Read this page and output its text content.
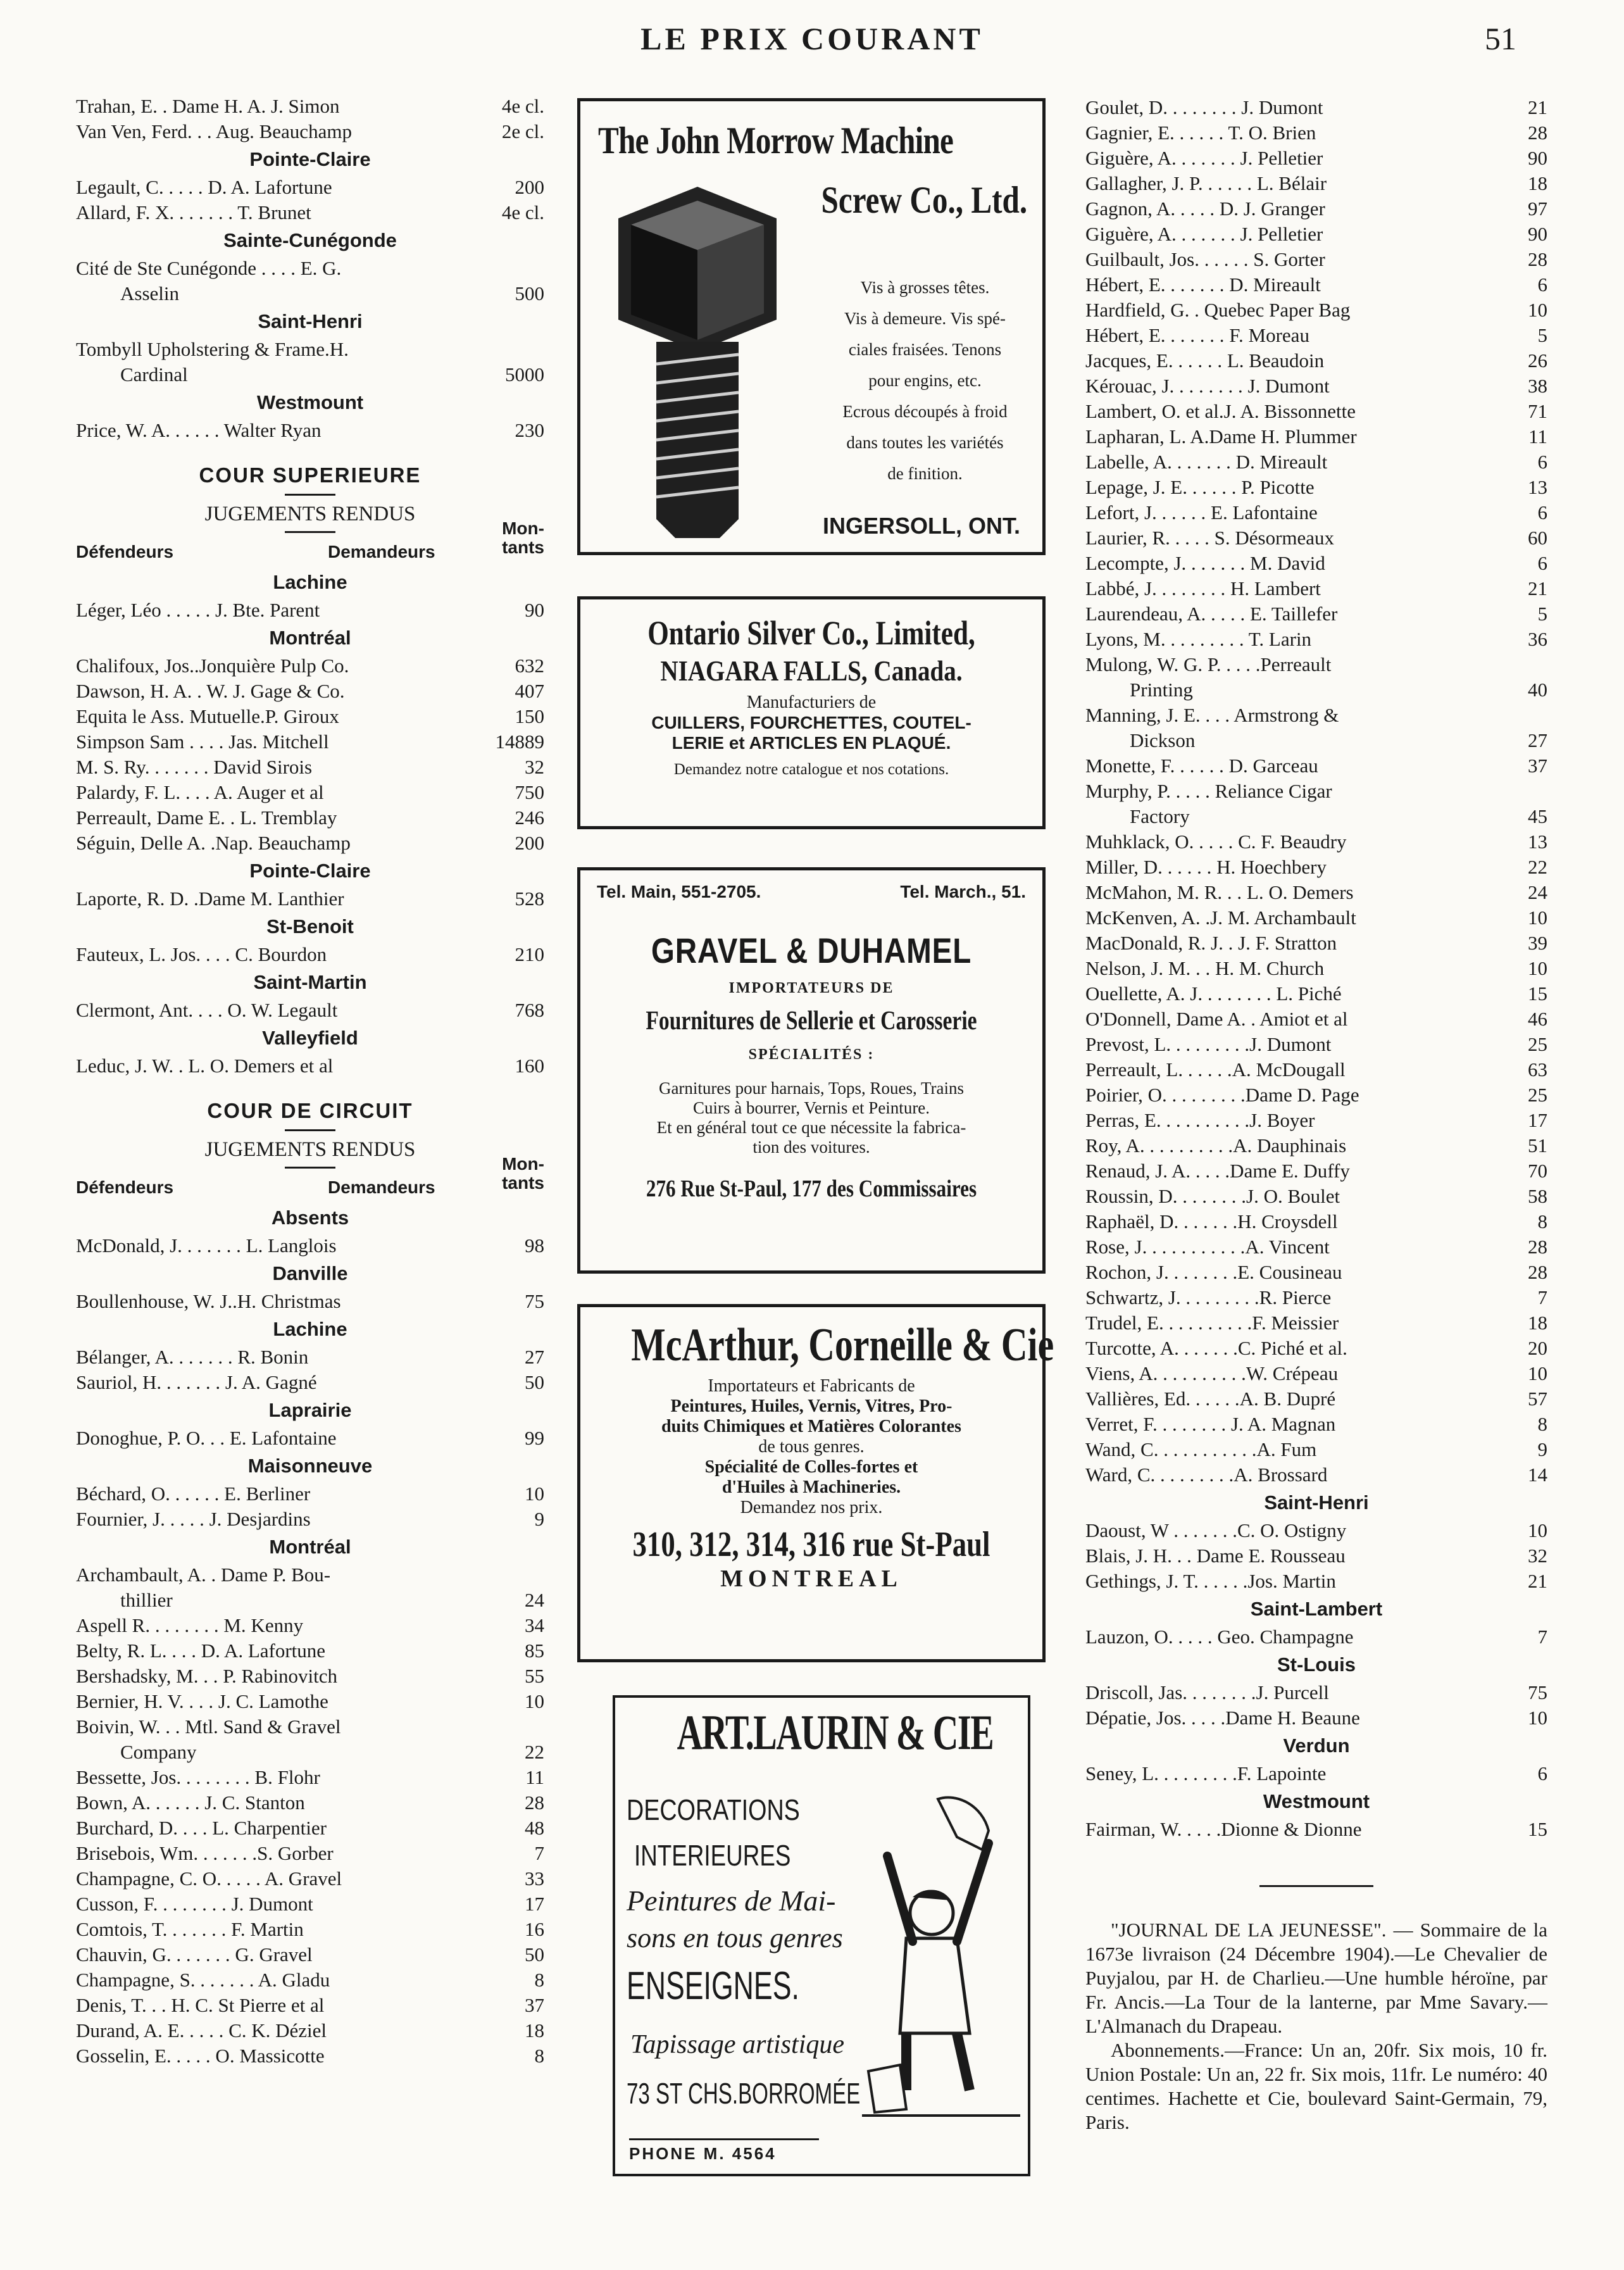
LE PRIX COURANT	51
Trahan, E. . Dame H. A. J. Simon	4e cl.
Van Ven, Ferd. . . Aug. Beauchamp	2e cl.
Pointe-Claire
Legault, C. . . . . D. A. Lafortune	200
Allard, F. X. . . . . . . T. Brunet	4e cl.
Sainte-Cunégonde
Cité de Ste Cunégonde . . . . E. G.
Asselin	500
Saint-Henri
Tombyll Upholstering & Frame.H.
Cardinal	5000
Westmount
Price, W. A. . . . . . Walter Ryan	230
COUR SUPERIEURE
JUGEMENTS RENDUS
Défendeurs	Demandeurs
Mon-
tants
Lachine
Léger, Léo . . . . . J. Bte. Parent	90
Montréal
Chalifoux, Jos..Jonquière Pulp Co.	632
Dawson, H. A. . W. J. Gage & Co.	407
Equita le Ass. Mutuelle.P. Giroux	150
Simpson Sam . . . . Jas. Mitchell	14889
M. S. Ry. . . . . . . David Sirois	32
Palardy, F. L. . . . A. Auger et al	750
Perreault, Dame E. . L. Tremblay	246
Séguin, Delle A. .Nap. Beauchamp	200
Pointe-Claire
Laporte, R. D. .Dame M. Lanthier	528
St-Benoit
Fauteux, L. Jos. . . . C. Bourdon	210
Saint-Martin
Clermont, Ant. . . . O. W. Legault	768
Valleyfield
Leduc, J. W. . L. O. Demers et al	160
COUR DE CIRCUIT
JUGEMENTS RENDUS
Défendeurs	Demandeurs
Mon-
tants
Absents
McDonald, J. . . . . . . L. Langlois	98
Danville
Boullenhouse, W. J..H. Christmas	75
Lachine
Bélanger, A. . . . . . . R. Bonin	27
Sauriol, H. . . . . . . J. A. Gagné	50
Laprairie
Donoghue, P. O. . . E. Lafontaine	99
Maisonneuve
Béchard, O. . . . . . E. Berliner	10
Fournier, J. . . . . J. Desjardins	9
Montréal
Archambault, A. . Dame P. Bou-
thillier	24
Aspell R. . . . . . . . M. Kenny	34
Belty, R. L. . . . D. A. Lafortune	85
Bershadsky, M. . . P. Rabinovitch	55
Bernier, H. V. . . . J. C. Lamothe	10
Boivin, W. . . Mtl. Sand & Gravel
Company	22
Bessette, Jos. . . . . . . . B. Flohr	11
Bown, A. . . . . . J. C. Stanton	28
Burchard, D. . . . L. Charpentier	48
Brisebois, Wm. . . . . . .S. Gorber	7
Champagne, C. O. . . . . A. Gravel	33
Cusson, F. . . . . . . . J. Dumont	17
Comtois, T. . . . . . . F. Martin	16
Chauvin, G. . . . . . . G. Gravel	50
Champagne, S. . . . . . . A. Gladu	8
Denis, T. . . H. C. St Pierre et al	37
Durand, A. E. . . . . C. K. Déziel	18
Gosselin, E. . . . . O. Massicotte	8
The John Morrow Machine
Screw Co., Ltd.
Vis à grosses têtes.
Vis à demeure. Vis spé-
ciales fraisées. Tenons
pour engins, etc.
Ecrous découpés à froid
dans toutes les variétés
de finition.
INGERSOLL, ONT.
Ontario Silver Co., Limited,
NIAGARA FALLS, Canada.
Manufacturiers de
CUILLERS, FOURCHETTES, COUTEL-
LERIE et ARTICLES EN PLAQUÉ.
Demandez notre catalogue et nos cotations.
Tel. Main, 551-2705.	Tel. March., 51.
GRAVEL & DUHAMEL
IMPORTATEURS DE
Fournitures de Sellerie et Carosserie
SPÉCIALITÉS :
Garnitures pour harnais, Tops, Roues, Trains
Cuirs à bourrer, Vernis et Peinture.
Et en général tout ce que nécessite la fabrica-
tion des voitures.
276 Rue St-Paul, 177 des Commissaires
McArthur, Corneille & Cie
Importateurs et Fabricants de
Peintures, Huiles, Vernis, Vitres, Pro-
duits Chimiques et Matières Colorantes
de tous genres.
Spécialité de Colles-fortes et
d'Huiles à Machineries.
Demandez nos prix.
310, 312, 314, 316 rue St-Paul
MONTREAL
ART.LAURIN & CIE
DECORATIONS
INTERIEURES
Peintures de Mai-
sons en tous genres
ENSEIGNES.
Tapissage artistique
73 ST CHS.BORROMÉE
PHONE M. 4564
Goulet, D. . . . . . . . J. Dumont	21
Gagnier, E. . . . . . T. O. Brien	28
Giguère, A. . . . . . . J. Pelletier	90
Gallagher, J. P. . . . . . L. Bélair	18
Gagnon, A. . . . . D. J. Granger	97
Giguère, A. . . . . . . J. Pelletier	90
Guilbault, Jos. . . . . . S. Gorter	28
Hébert, E. . . . . . . D. Mireault	6
Hardfield, G. . Quebec Paper Bag	10
Hébert, E. . . . . . . F. Moreau	5
Jacques, E. . . . . . L. Beaudoin	26
Kérouac, J. . . . . . . . J. Dumont	38
Lambert, O. et al.J. A. Bissonnette	71
Lapharan, L. A.Dame H. Plummer	11
Labelle, A. . . . . . . D. Mireault	6
Lepage, J. E. . . . . . P. Picotte	13
Lefort, J. . . . . . E. Lafontaine	6
Laurier, R. . . . . S. Désormeaux	60
Lecompte, J. . . . . . . M. David	6
Labbé, J. . . . . . . . H. Lambert	21
Laurendeau, A. . . . . E. Taillefer	5
Lyons, M. . . . . . . . . T. Larin	36
Mulong, W. G. P. . . . .Perreault
Printing	40
Manning, J. E. . . . Armstrong &
Dickson	27
Monette, F. . . . . . D. Garceau	37
Murphy, P. . . . . Reliance Cigar
Factory	45
Muhklack, O. . . . . C. F. Beaudry	13
Miller, D. . . . . . H. Hoechbery	22
McMahon, M. R. . . L. O. Demers	24
McKenven, A. .J. M. Archambault	10
MacDonald, R. J. . J. F. Stratton	39
Nelson, J. M. . . H. M. Church	10
Ouellette, A. J. . . . . . . . L. Piché	15
O'Donnell, Dame A. . Amiot et al	46
Prevost, L. . . . . . . . .J. Dumont	25
Perreault, L. . . . . .A. McDougall	63
Poirier, O. . . . . . . . .Dame D. Page	25
Perras, E. . . . . . . . . .J. Boyer	17
Roy, A. . . . . . . . . .A. Dauphinais	51
Renaud, J. A. . . . .Dame E. Duffy	70
Roussin, D. . . . . . . .J. O. Boulet	58
Raphaël, D. . . . . . .H. Croysdell	8
Rose, J. . . . . . . . . . .A. Vincent	28
Rochon, J. . . . . . . .E. Cousineau	28
Schwartz, J. . . . . . . . .R. Pierce	7
Trudel, E. . . . . . . . . .F. Meissier	18
Turcotte, A. . . . . . .C. Piché et al.	20
Viens, A. . . . . . . . . .W. Crépeau	10
Vallières, Ed. . . . . .A. B. Dupré	57
Verret, F. . . . . . . . J. A. Magnan	8
Wand, C. . . . . . . . . . .A. Fum	9
Ward, C. . . . . . . . .A. Brossard	14
Saint-Henri
Daoust, W . . . . . . .C. O. Ostigny	10
Blais, J. H. . . Dame E. Rousseau	32
Gethings, J. T. . . . . .Jos. Martin	21
Saint-Lambert
Lauzon, O. . . . . Geo. Champagne	7
St-Louis
Driscoll, Jas. . . . . . . .J. Purcell	75
Dépatie, Jos. . . . .Dame H. Beaune	10
Verdun
Seney, L. . . . . . . . .F. Lapointe	6
Westmount
Fairman, W. . . . .Dionne & Dionne	15
"JOURNAL DE LA JEUNESSE". — Sommaire de la 1673e livraison (24 Décembre 1904).—Le Chevalier de Puyjalou, par H. de Charlieu.—Une humble héroïne, par Fr. Ancis.—La Tour de la lanterne, par Mme Savary.—L'Almanach du Drapeau.
Abonnements.—France: Un an, 20fr. Six mois, 10 fr. Union Postale: Un an, 22 fr. Six mois, 11fr. Le numéro: 40 centimes. Hachette et Cie, boulevard Saint-Germain, 79, Paris.
